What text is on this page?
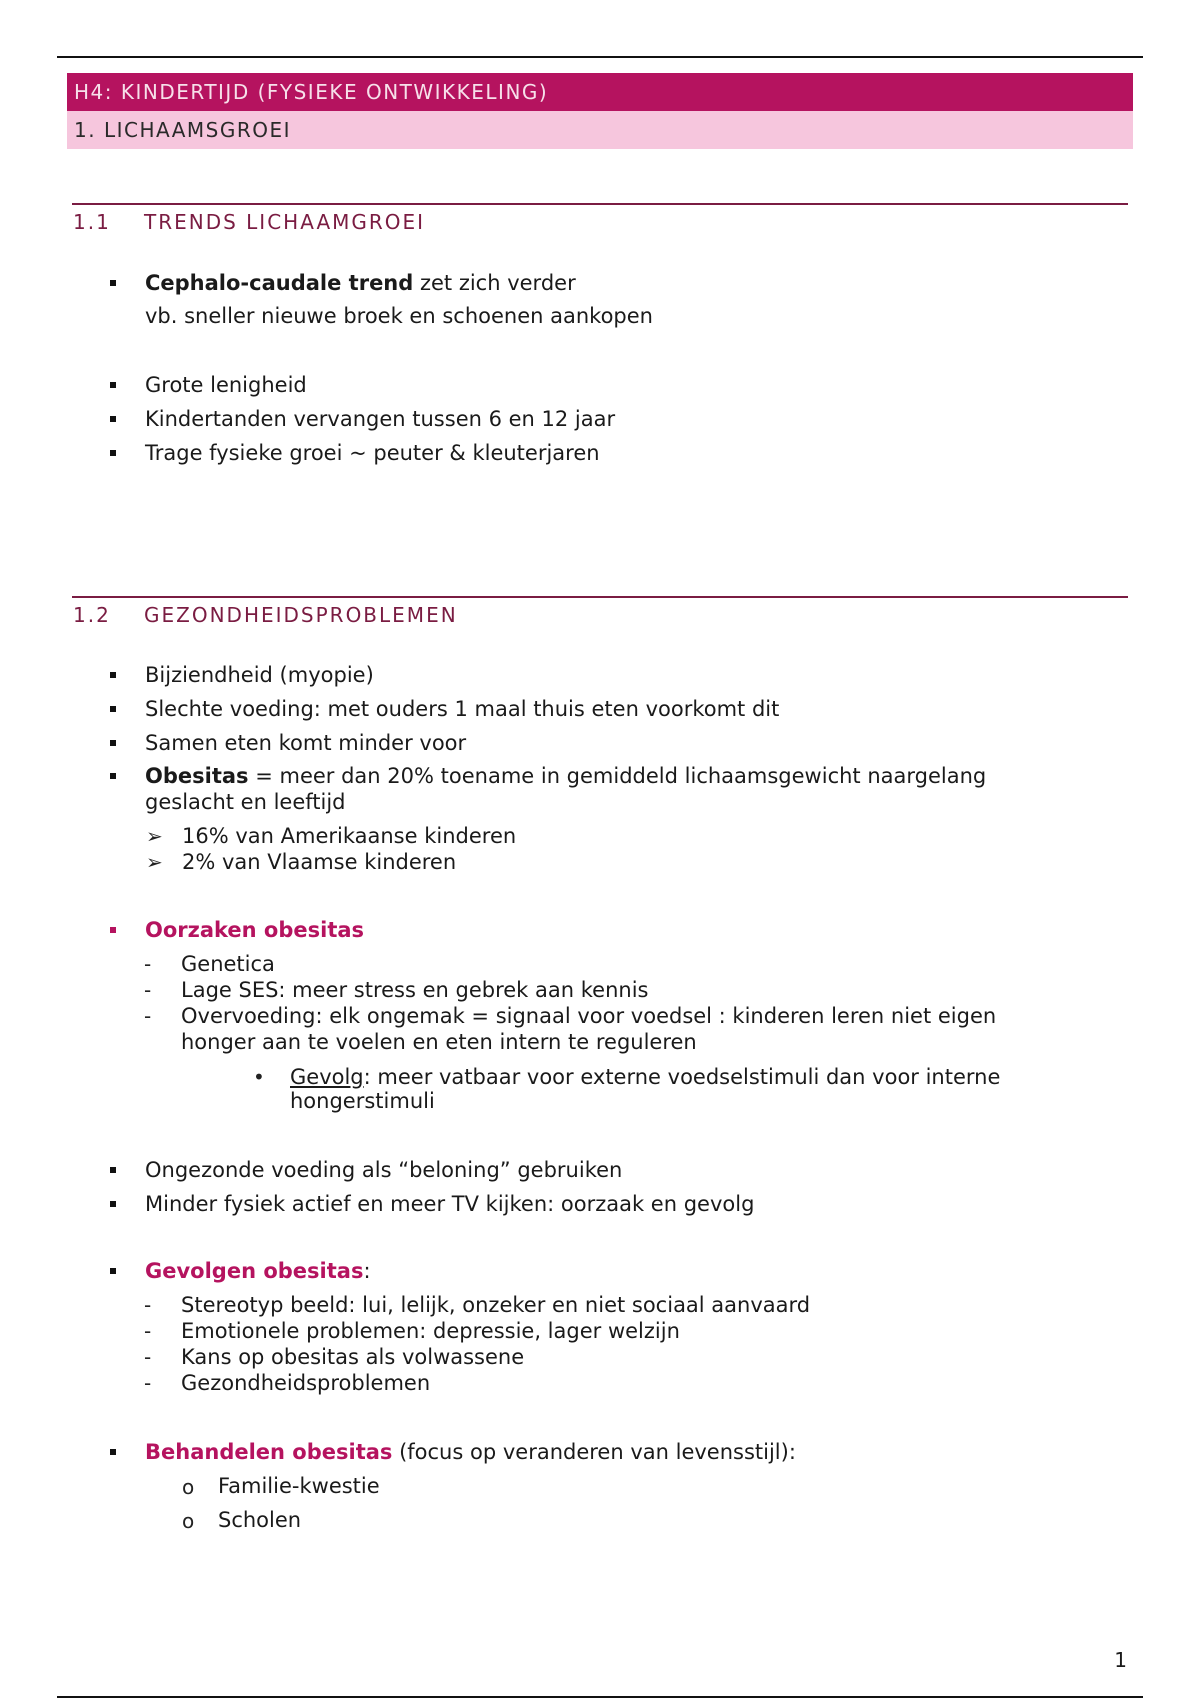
H4: KINDERTIJD (FYSIEKE ONTWIKKELING)
1. LICHAAMSGROEI
1.1 TRENDS LICHAAMGROEI
Cephalo-caudale trend zet zich verder
vb. sneller nieuwe broek en schoenen aankopen
Grote lenigheid
Kindertanden vervangen tussen 6 en 12 jaar
Trage fysieke groei ~ peuter & kleuterjaren
1.2 GEZONDHEIDSPROBLEMEN
Bijziendheid (myopie)
Slechte voeding: met ouders 1 maal thuis eten voorkomt dit
Samen eten komt minder voor
Obesitas = meer dan 20% toename in gemiddeld lichaamsgewicht naargelang
geslacht en leeftijd
➢ 16% van Amerikaanse kinderen
➢ 2% van Vlaamse kinderen
Oorzaken obesitas
- Genetica
- Lage SES: meer stress en gebrek aan kennis
- Overvoeding: elk ongemak = signaal voor voedsel : kinderen leren niet eigen
honger aan te voelen en eten intern te reguleren
• Gevolg: meer vatbaar voor externe voedselstimuli dan voor interne
hongerstimuli
Ongezonde voeding als “beloning” gebruiken
Minder fysiek actief en meer TV kijken: oorzaak en gevolg
Gevolgen obesitas:
- Stereotyp beeld: lui, lelijk, onzeker en niet sociaal aanvaard
- Emotionele problemen: depressie, lager welzijn
- Kans op obesitas als volwassene
- Gezondheidsproblemen
Behandelen obesitas (focus op veranderen van levensstijl):
o Familie-kwestie
o Scholen
1
